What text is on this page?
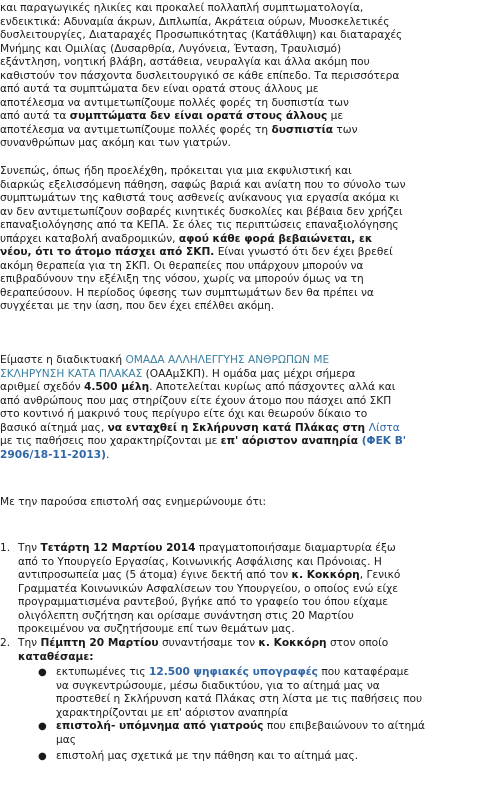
και παραγωγικές ηλικίες και προκαλεί πολλαπλή συμπτωματολογία,
ενδεικτικά: Αδυναμία άκρων, Διπλωπία, Ακράτεια ούρων, Μυοσκελετικές
δυσλειτουργίες, Διαταραχές Προσωπικότητας (Κατάθλιψη) και διαταραχές
Μνήμης και Ομιλίας (Δυσαρθρία, Λυγόνεια, Ένταση, Τραυλισμό)
εξάντληση, νοητική βλάβη, αστάθεια, νευραλγία και άλλα ακόμη που
καθιστούν τον πάσχοντα δυσλειτουργικό σε κάθε επίπεδο. Τα περισσότερα
από αυτά τα συμπτώματα δεν είναι ορατά στους άλλους με
αποτέλεσμα να αντιμετωπίζουμε πολλές φορές τη δυσπιστία των
από αυτά τα συμπτώματα δεν είναι ορατά στους άλλους με
αποτέλεσμα να αντιμετωπίζουμε πολλές φορές τη δυσπιστία των
συνανθρώπων μας ακόμη και των γιατρών.
Συνεπώς, όπως ήδη προελέχθη, πρόκειται για μια εκφυλιστική και
διαρκώς εξελισσόμενη πάθηση, σαφώς βαριά και ανίατη που το σύνολο των
συμπτωμάτων της καθιστά τους ασθενείς ανίκανους για εργασία ακόμα κι
αν δεν αντιμετωπίζουν σοβαρές κινητικές δυσκολίες και βέβαια δεν χρήζει
επαναξιολόγησης από τα ΚΕΠΑ. Σε όλες τις περιπτώσεις επαναξιολόγησης
υπάρχει καταβολή αναδρομικών, αφού κάθε φορά βεβαιώνεται, εκ
νέου, ότι το άτομο πάσχει από ΣΚΠ. Είναι γνωστό ότι δεν έχει βρεθεί
ακόμη θεραπεία για τη ΣΚΠ. Οι θεραπείες που υπάρχουν μπορούν να
επιβραδύνουν την εξέλιξη της νόσου, χωρίς να μπορούν όμως να τη
θεραπεύσουν. Η περίοδος ύφεσης των συμπτωμάτων δεν θα πρέπει να
συγχέεται με την ίαση, που δεν έχει επέλθει ακόμη.
Είμαστε η διαδικτυακή ΟΜΑΔΑ ΑΛΛΗΛΕΓΓΥΗΣ ΑΝΘΡΩΠΩΝ ΜΕ
ΣΚΛΗΡΥΝΣΗ ΚΑΤΑ ΠΛΑΚΑΣ (ΟΑΑμΣΚΠ). Η ομάδα μας μέχρι σήμερα
αριθμεί σχεδόν 4.500 μέλη. Αποτελείται κυρίως από πάσχοντες αλλά και
από ανθρώπους που μας στηρίζουν είτε έχουν άτομο που πάσχει από ΣΚΠ
στο κοντινό ή μακρινό τους περίγυρο είτε όχι και θεωρούν δίκαιο το
βασικό αίτημά μας, να ενταχθεί η Σκλήρυνση κατά Πλάκας στη Λίστα
με τις παθήσεις που χαρακτηρίζονται με επ' αόριστον αναπηρία (ΦΕΚ Β'
2906/18-11-2013).
Με την παρούσα επιστολή σας ενημερώνουμε ότι:
1. Την Τετάρτη 12 Μαρτίου 2014 πραγματοποιήσαμε διαμαρτυρία έξω
από το Υπουργείο Εργασίας, Κοινωνικής Ασφάλισης και Πρόνοιας. Η
αντιπροσωπεία μας (5 άτομα) έγινε δεκτή από τον κ. Κοκκόρη, Γενικό
Γραμματέα Κοινωνικών Ασφαλίσεων του Υπουργείου, ο οποίος ενώ είχε
προγραμματισμένα ραντεβού, βγήκε από το γραφείο του όπου είχαμε
ολιγόλεπτη συζήτηση και ορίσαμε συνάντηση στις 20 Μαρτίου
προκειμένου να συζητήσουμε επί των θεμάτων μας.
2. Την Πέμπτη 20 Μαρτίου συναντήσαμε τον κ. Κοκκόρη στον οποίο
καταθέσαμε:
● εκτυπωμένες τις 12.500 ψηφιακές υπογραφές που καταφέραμε
να συγκεντρώσουμε, μέσω διαδικτύου, για το αίτημά μας να
προστεθεί η Σκλήρυνση κατά Πλάκας στη λίστα με τις παθήσεις που
χαρακτηρίζονται με επ' αόριστον αναπηρία
● επιστολή- υπόμνημα από γιατρούς που επιβεβαιώνουν το αίτημά
μας
● επιστολή μας σχετικά με την πάθηση και το αίτημά μας.
